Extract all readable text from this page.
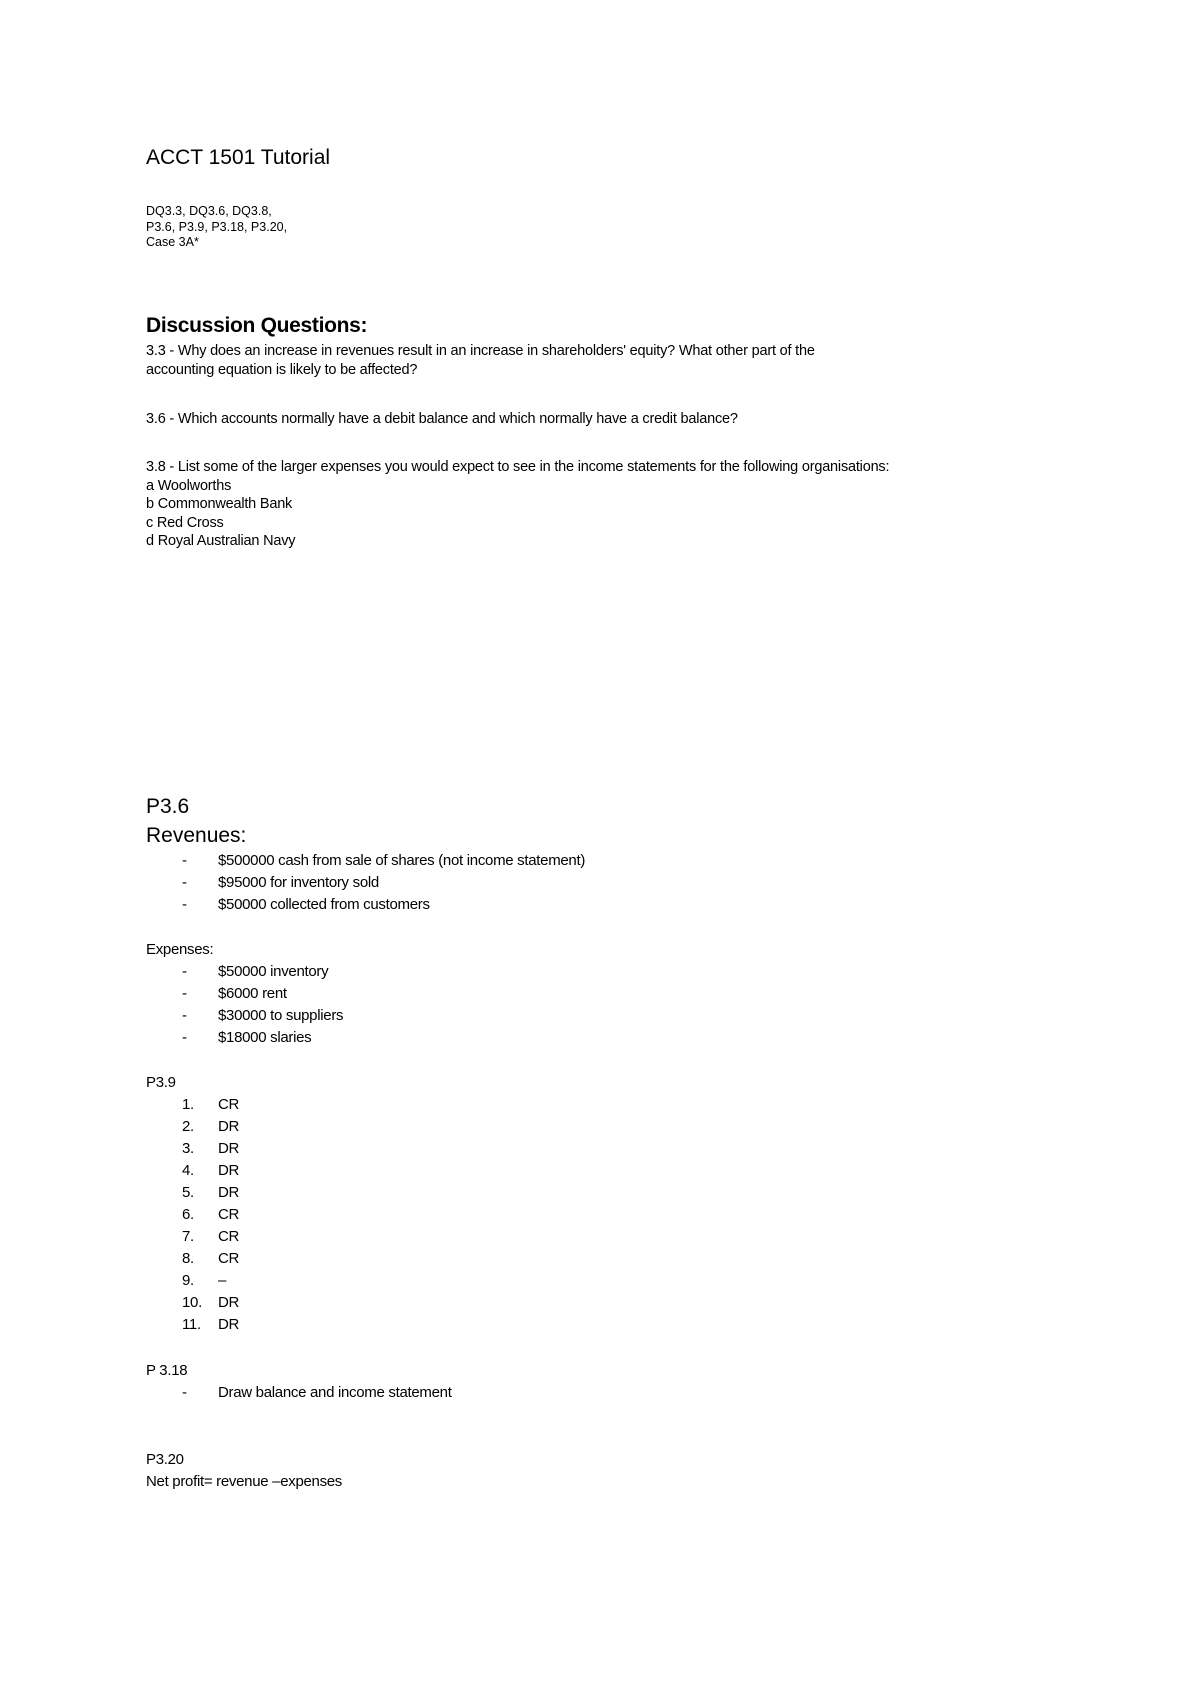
ACCT 1501 Tutorial
DQ3.3, DQ3.6, DQ3.8,
P3.6, P3.9, P3.18, P3.20,
Case 3A*
Discussion Questions:
3.3 - Why does an increase in revenues result in an increase in shareholders' equity? What other part of the
accounting equation is likely to be affected?
3.6 - Which accounts normally have a debit balance and which normally have a credit balance?
3.8 - List some of the larger expenses you would expect to see in the income statements for the following organisations:
a Woolworths
b Commonwealth Bank
c Red Cross
d Royal Australian Navy
P3.6
Revenues:
-	$500000 cash from sale of shares (not income statement)
-	$95000 for inventory sold
-	$50000 collected from customers
Expenses:
-	$50000 inventory
-	$6000 rent
-	$30000 to suppliers
-	$18000 slaries
P3.9
1.	CR
2.	DR
3.	DR
4.	DR
5.	DR
6.	CR
7.	CR
8.	CR
9.	–
10.	DR
11.	DR
P 3.18
-	Draw balance and income statement
P3.20
Net profit= revenue –expenses
